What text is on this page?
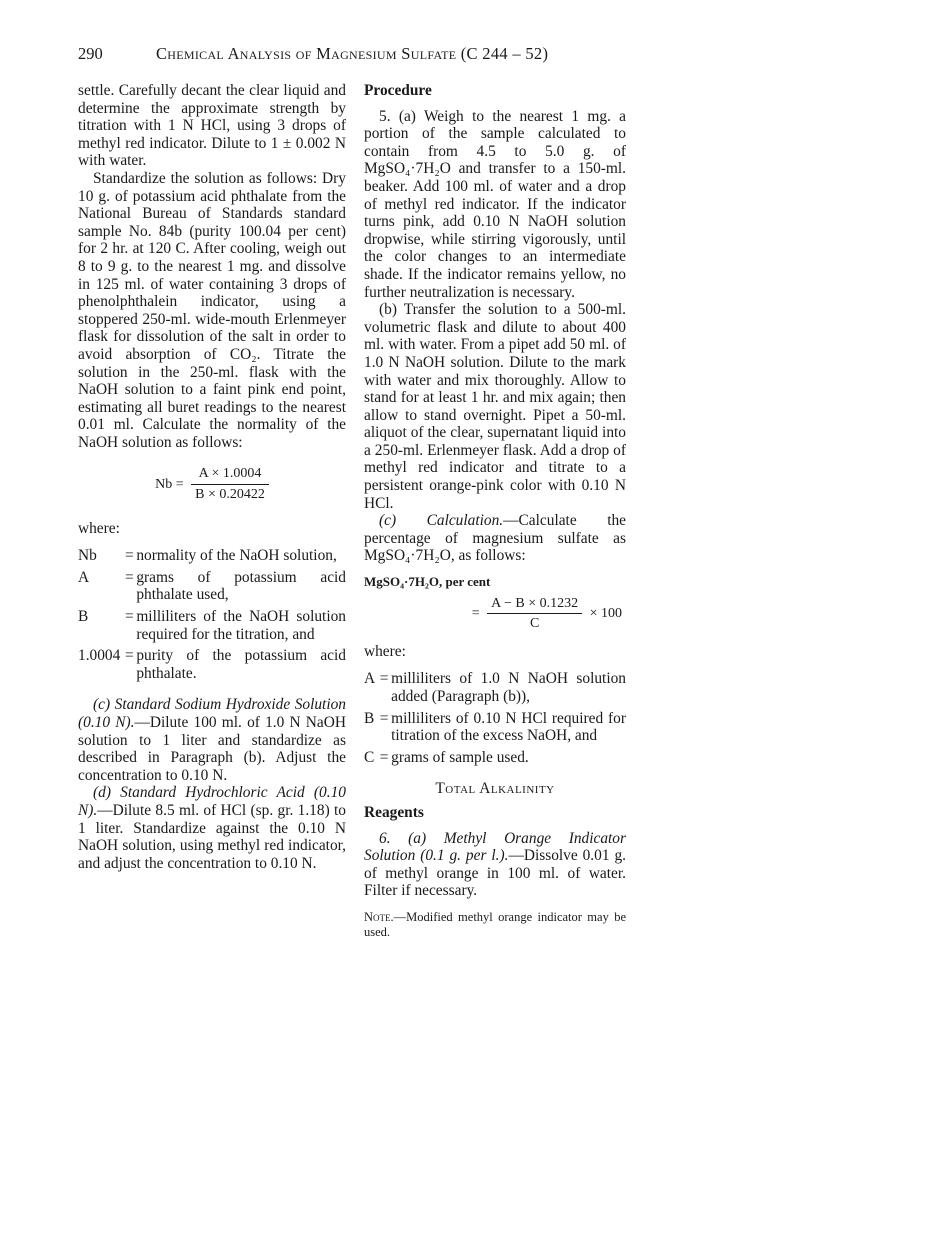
290	Chemical Analysis of Magnesium Sulfate (C 244 – 52)

settle. Carefully decant the clear liquid and determine the approximate strength by titration with 1 N HCl, using 3 drops of methyl red indicator. Dilute to 1 ± 0.002 N with water.

Standardize the solution as follows: Dry 10 g. of potassium acid phthalate from the National Bureau of Standards standard sample No. 84b (purity 100.04 per cent) for 2 hr. at 120 C. After cooling, weigh out 8 to 9 g. to the nearest 1 mg. and dissolve in 125 ml. of water containing 3 drops of phenolphthalein indicator, using a stoppered 250-ml. wide-mouth Erlenmeyer flask for dissolution of the salt in order to avoid absorption of CO₂. Titrate the solution in the 250-ml. flask with the NaOH solution to a faint pink end point, estimating all buret readings to the nearest 0.01 ml. Calculate the normality of the NaOH solution as follows:

$Nb = \frac{A \times 1.0004}{B \times 0.20422}$

where:

Nb	=	normality of the NaOH solution,
A	=	grams of potassium acid phthalate used,
B	=	milliliters of the NaOH solution required for the titration, and
1.0004	=	purity of the potassium acid phthalate.

(c) Standard Sodium Hydroxide Solution (0.10 N).—Dilute 100 ml. of 1.0 N NaOH solution to 1 liter and standardize as described in Paragraph (b). Adjust the concentration to 0.10 N.

(d) Standard Hydrochloric Acid (0.10 N).—Dilute 8.5 ml. of HCl (sp. gr. 1.18) to 1 liter. Standardize against the 0.10 N NaOH solution, using methyl red indicator, and adjust the concentration to 0.10 N.

Procedure

5. (a) Weigh to the nearest 1 mg. a portion of the sample calculated to contain from 4.5 to 5.0 g. of MgSO₄·7H₂O and transfer to a 150-ml. beaker. Add 100 ml. of water and a drop of methyl red indicator. If the indicator turns pink, add 0.10 N NaOH solution dropwise, while stirring vigorously, until the color changes to an intermediate shade. If the indicator remains yellow, no further neutralization is necessary.

(b) Transfer the solution to a 500-ml. volumetric flask and dilute to about 400 ml. with water. From a pipet add 50 ml. of 1.0 N NaOH solution. Dilute to the mark with water and mix thoroughly. Allow to stand for at least 1 hr. and mix again; then allow to stand overnight. Pipet a 50-ml. aliquot of the clear, supernatant liquid into a 250-ml. Erlenmeyer flask. Add a drop of methyl red indicator and titrate to a persistent orange-pink color with 0.10 N HCl.

(c) Calculation.—Calculate the percentage of magnesium sulfate as MgSO₄·7H₂O, as follows:

MgSO₄·7H₂O, per cent
= $\frac{A - B \times 0.1232}{C} \times 100$

where:

A	=	milliliters of 1.0 N NaOH solution added (Paragraph (b)),
B	=	milliliters of 0.10 N HCl required for titration of the excess NaOH, and
C	=	grams of sample used.
Total Alkalinity

Reagents

6. (a) Methyl Orange Indicator Solution (0.1 g. per l.).—Dissolve 0.01 g. of methyl orange in 100 ml. of water. Filter if necessary.

Note.—Modified methyl orange indicator may be used.
